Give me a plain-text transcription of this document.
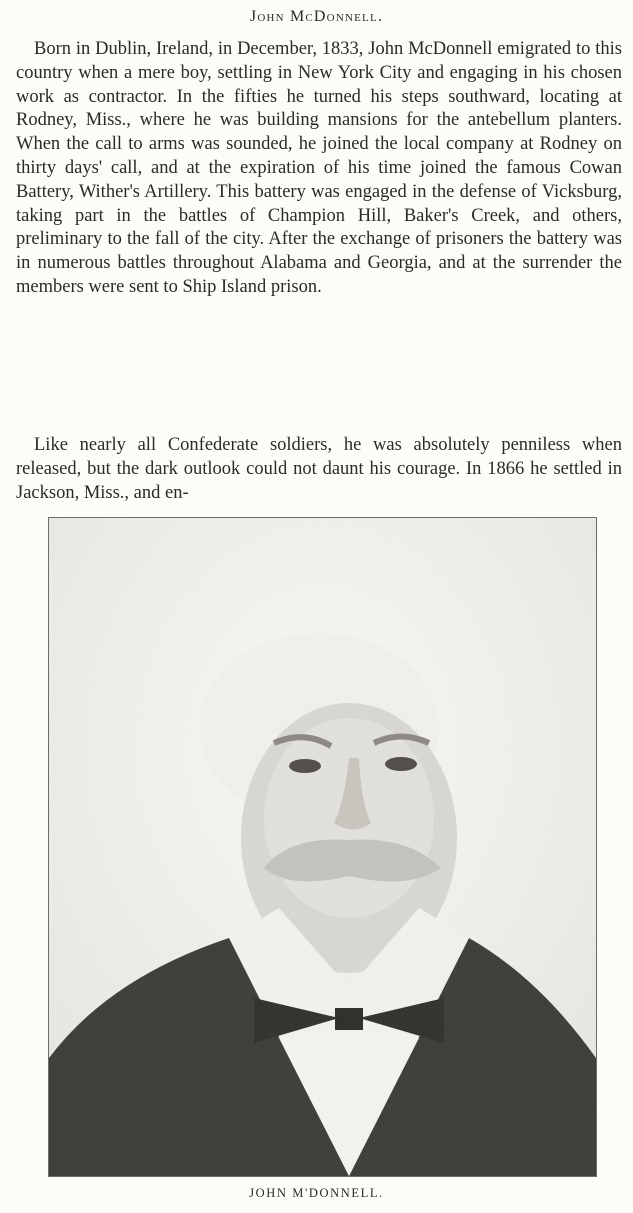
John McDonnell.

Born in Dublin, Ireland, in December, 1833, John McDonnell emigrated to this country when a mere boy, settling in New York City and engaging in his chosen work as contractor. In the fifties he turned his steps southward, locating at Rodney, Miss., where he was building mansions for the antebellum planters. When the call to arms was sounded, he joined the local company at Rodney on thirty days' call, and at the expiration of his time joined the famous Cowan Battery, Wither's Artillery. This battery was engaged in the defense of Vicksburg, taking part in the battles of Champion Hill, Baker's Creek, and others, preliminary to the fall of the city. After the exchange of prisoners the battery was in numerous battles throughout Alabama and Georgia, and at the surrender the members were sent to Ship Island prison.

Like nearly all Confederate soldiers, he was absolutely penniless when released, but the dark outlook could not daunt his courage. In 1866 he settled in Jackson, Miss., and en-

JOHN M'DONNELL.
